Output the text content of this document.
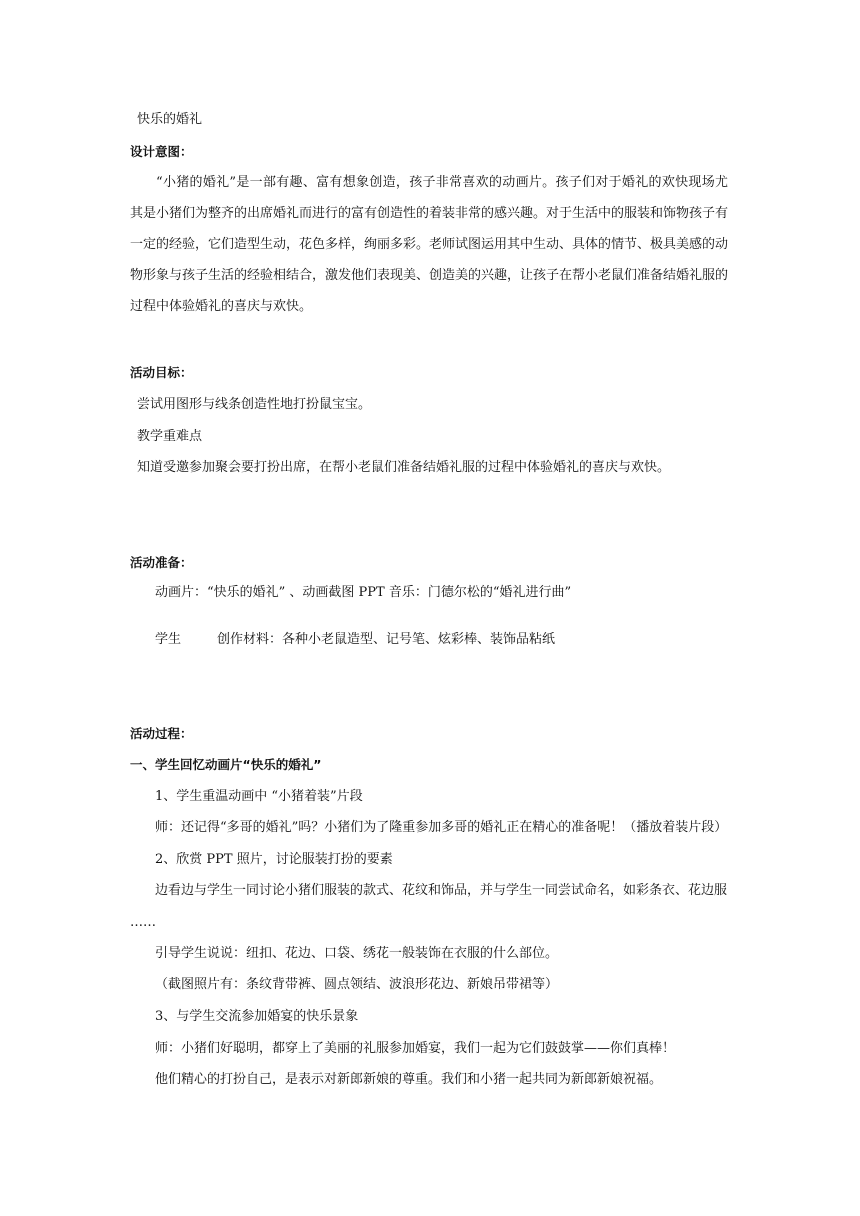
快乐的婚礼
设计意图：
“小猪的婚礼”是一部有趣、富有想象创造，孩子非常喜欢的动画片。孩子们对于婚礼的欢快现场尤其是小猪们为整齐的出席婚礼而进行的富有创造性的着装非常的感兴趣。对于生活中的服装和饰物孩子有一定的经验，它们造型生动，花色多样，绚丽多彩。老师试图运用其中生动、具体的情节、极具美感的动物形象与孩子生活的经验相结合，激发他们表现美、创造美的兴趣，让孩子在帮小老鼠们准备结婚礼服的过程中体验婚礼的喜庆与欢快。
活动目标：
尝试用图形与线条创造性地打扮鼠宝宝。
教学重难点
知道受邀参加聚会要打扮出席，在帮小老鼠们准备结婚礼服的过程中体验婚礼的喜庆与欢快。
活动准备：
动画片：“快乐的婚礼” 、动画截图 PPT 音乐：门德尔松的“婚礼进行曲”
学生	创作材料：各种小老鼠造型、记号笔、炫彩棒、装饰品粘纸
活动过程：
一、学生回忆动画片“快乐的婚礼”
1、学生重温动画中 “小猪着装”片段
师：还记得“多哥的婚礼”吗？小猪们为了隆重参加多哥的婚礼正在精心的准备呢！（播放着装片段）
2、欣赏 PPT 照片，讨论服装打扮的要素
边看边与学生一同讨论小猪们服装的款式、花纹和饰品，并与学生一同尝试命名，如彩条衣、花边服
……
引导学生说说：纽扣、花边、口袋、绣花一般装饰在衣服的什么部位。
（截图照片有：条纹背带裤、圆点领结、波浪形花边、新娘吊带裙等）
3、与学生交流参加婚宴的快乐景象
师：小猪们好聪明，都穿上了美丽的礼服参加婚宴，我们一起为它们鼓鼓掌——你们真棒！
他们精心的打扮自己，是表示对新郎新娘的尊重。我们和小猪一起共同为新郎新娘祝福。
